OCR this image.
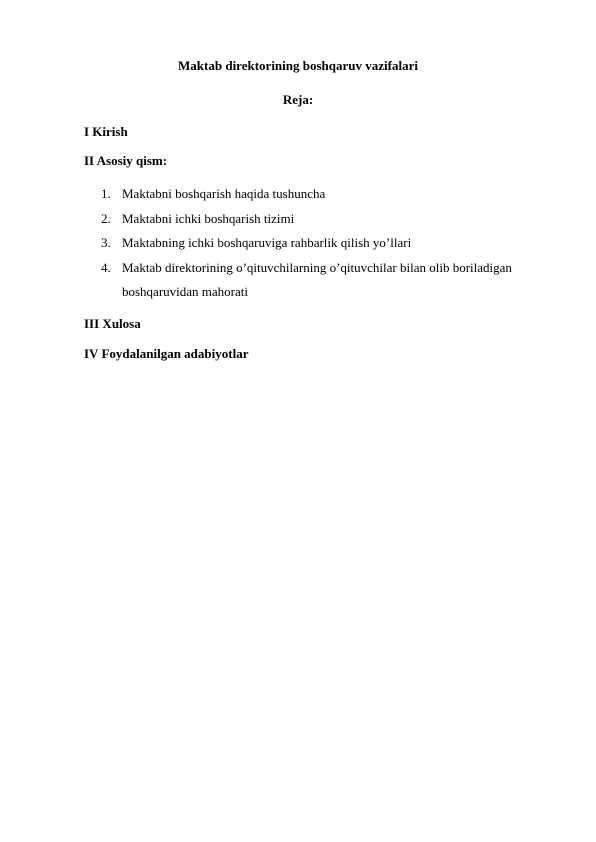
Maktab direktorining boshqaruv vazifalari
Reja:
I Kirish
II Asosiy qism:
1. Maktabni boshqarish haqida tushuncha
2. Maktabni ichki boshqarish tizimi
3. Maktabning ichki boshqaruviga rahbarlik qilish yo’llari
4. Maktab direktorining o’qituvchilarning o’qituvchilar bilan olib boriladigan
boshqaruvidan mahorati
III Xulosa
IV Foydalanilgan adabiyotlar
